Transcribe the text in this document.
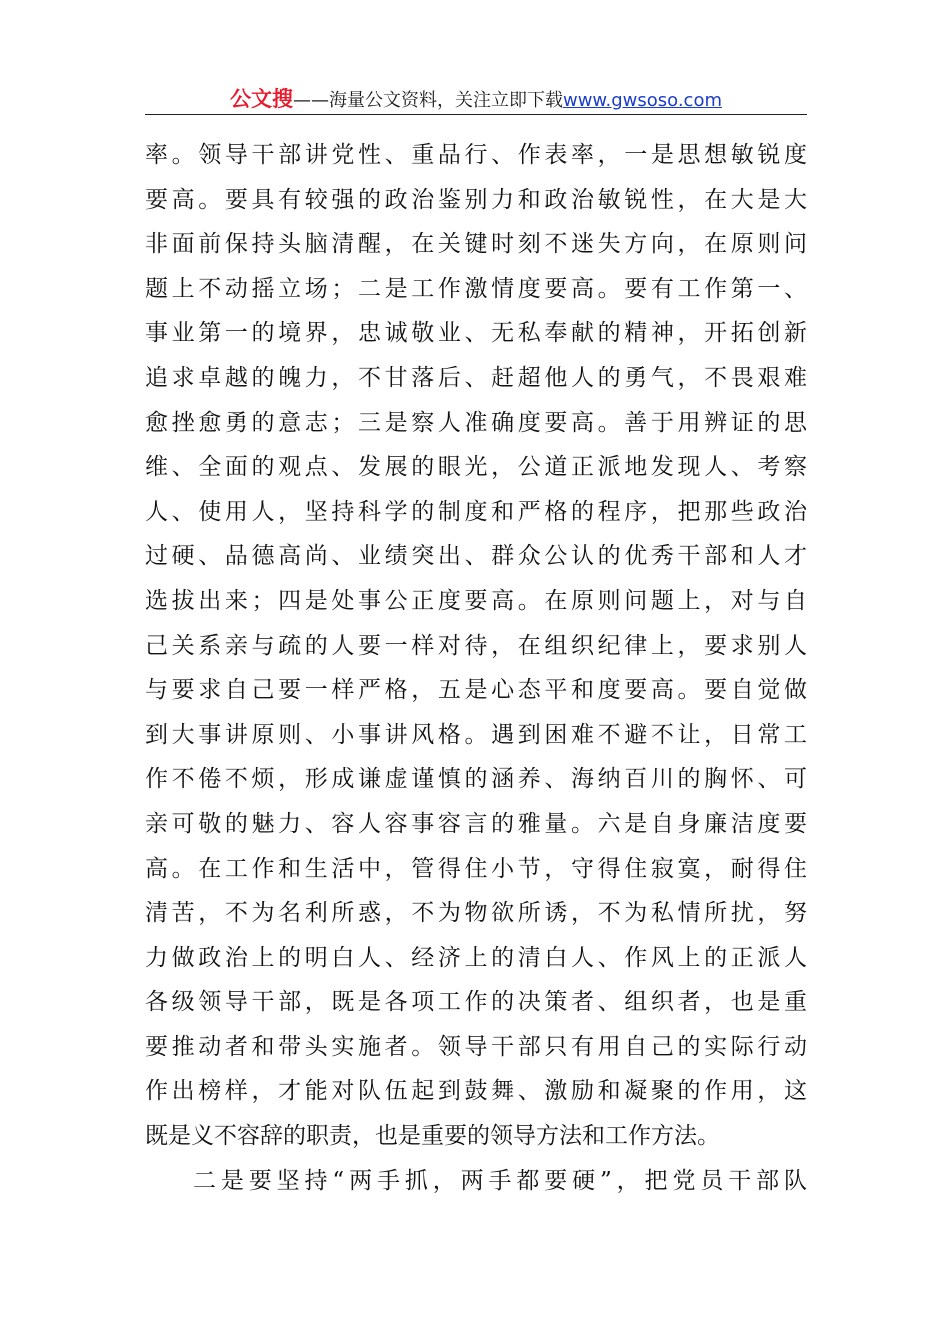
公文搜——海量公文资料，关注立即下载www.gwsoso.com
率。领导干部讲党性、重品行、作表率，一是思想敏锐度
要高。要具有较强的政治鉴别力和政治敏锐性，在大是大
非面前保持头脑清醒，在关键时刻不迷失方向，在原则问
题上不动摇立场；二是工作激情度要高。要有工作第一、
事业第一的境界，忠诚敬业、无私奉献的精神，开拓创新
追求卓越的魄力，不甘落后、赶超他人的勇气，不畏艰难
愈挫愈勇的意志；三是察人准确度要高。善于用辨证的思
维、全面的观点、发展的眼光，公道正派地发现人、考察
人、使用人，坚持科学的制度和严格的程序，把那些政治
过硬、品德高尚、业绩突出、群众公认的优秀干部和人才
选拔出来；四是处事公正度要高。在原则问题上，对与自
己关系亲与疏的人要一样对待，在组织纪律上，要求别人
与要求自己要一样严格，五是心态平和度要高。要自觉做
到大事讲原则、小事讲风格。遇到困难不避不让，日常工
作不倦不烦，形成谦虚谨慎的涵养、海纳百川的胸怀、可
亲可敬的魅力、容人容事容言的雅量。六是自身廉洁度要
高。在工作和生活中，管得住小节，守得住寂寞，耐得住
清苦，不为名利所惑，不为物欲所诱，不为私情所扰，努
力做政治上的明白人、经济上的清白人、作风上的正派人
各级领导干部，既是各项工作的决策者、组织者，也是重
要推动者和带头实施者。领导干部只有用自己的实际行动
作出榜样，才能对队伍起到鼓舞、激励和凝聚的作用，这
既是义不容辞的职责，也是重要的领导方法和工作方法。
二是要坚持“两手抓，两手都要硬”，把党员干部队
